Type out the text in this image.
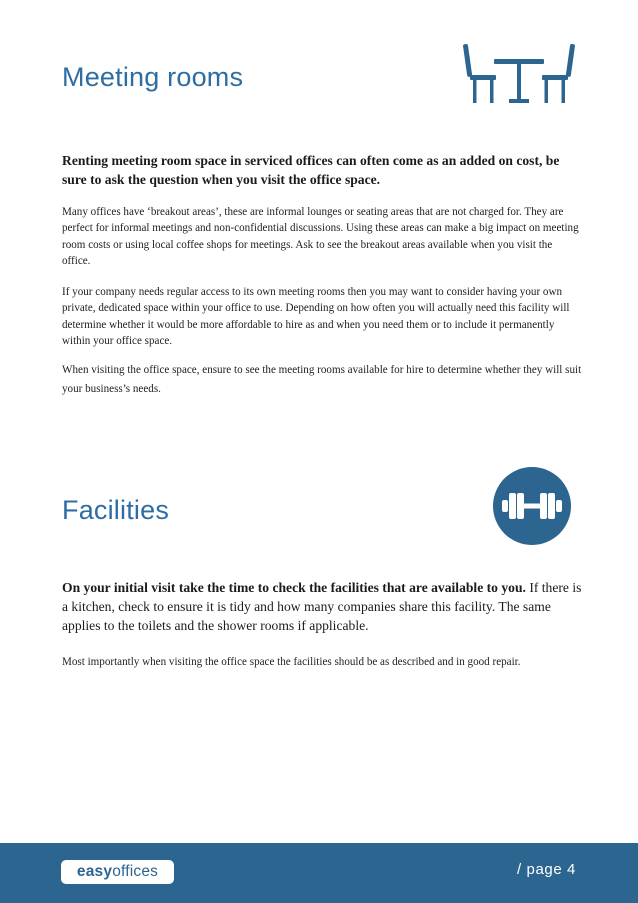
Meeting rooms

Renting meeting room space in serviced offices can often come as an added on cost, be sure to ask the question when you visit the office space.

Many offices have ‘breakout areas’, these are informal lounges or seating areas that are not charged for. They are perfect for informal meetings and non-confidential discussions. Using these areas can make a big impact on meeting room costs or using local coffee shops for meetings. Ask to see the breakout areas available when you visit the office.

If your company needs regular access to its own meeting rooms then you may want to consider having your own private, dedicated space within your office to use. Depending on how often you will actually need this facility will determine whether it would be more affordable to hire as and when you need them or to include it permanently within your office space.

When visiting the office space, ensure to see the meeting rooms available for hire to determine whether they will suit your business’s needs.

Facilities

On your initial visit take the time to check the facilities that are available to you. If there is a kitchen, check to ensure it is tidy and how many companies share this facility. The same applies to the toilets and the shower rooms if applicable.

Most importantly when visiting the office space the facilities should be as described and in good repair.

easyoffices	/ page 4
